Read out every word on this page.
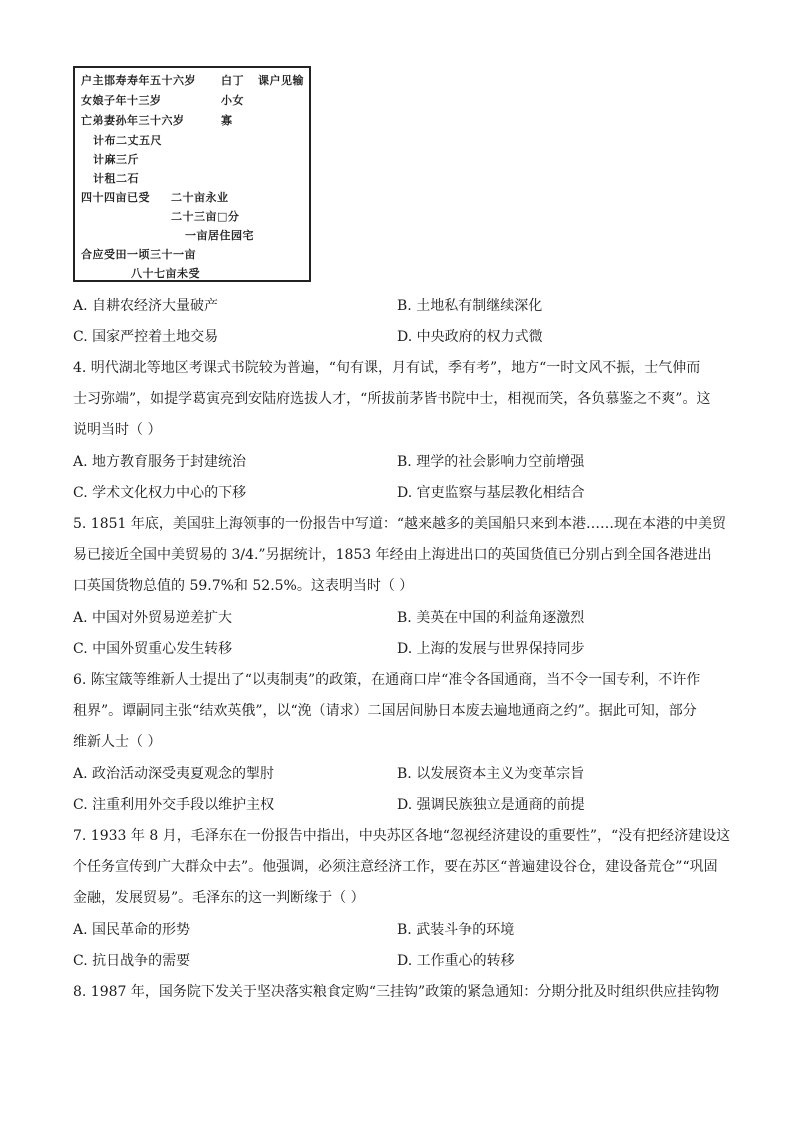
户主邯寿寿年五十六岁 白丁 课户见输
女娘子年十三岁	小女
亡弟妻孙年三十六岁	寡
计布二丈五尺
计麻三斤
计租二石
四十四亩已受 二十亩永业
二十三亩□分
一亩居住园宅
合应受田一顷三十一亩
八十七亩未受
A. 自耕农经济大量破产	B. 土地私有制继续深化
C. 国家严控着土地交易	D. 中央政府的权力式微
4. 明代湖北等地区考课式书院较为普遍，“旬有课，月有试，季有考”，地方“一时文风不振，士气伸而
士习弥端”，如提学葛寅亮到安陆府选拔人才，“所拔前茅皆书院中士，相视而笑，各负慕鉴之不爽”。这
说明当时（ ）
A. 地方教育服务于封建统治	B. 理学的社会影响力空前增强
C. 学术文化权力中心的下移	D. 官吏监察与基层教化相结合
5. 1851 年底，美国驻上海领事的一份报告中写道：“越来越多的美国船只来到本港……现在本港的中美贸
易已接近全国中美贸易的 3/4.”另据统计，1853 年经由上海进出口的英国货值已分别占到全国各港进出
口英国货物总值的 59.7%和 52.5%。这表明当时（ ）
A. 中国对外贸易逆差扩大	B. 美英在中国的利益角逐激烈
C. 中国外贸重心发生转移	D. 上海的发展与世界保持同步
6. 陈宝箴等维新人士提出了“以夷制夷”的政策，在通商口岸“准令各国通商，当不令一国专利，不许作
租界”。谭嗣同主张“结欢英俄”，以“浼（请求）二国居间胁日本废去遍地通商之约”。据此可知，部分
维新人士（ ）
A. 政治活动深受夷夏观念的掣肘	B. 以发展资本主义为变革宗旨
C. 注重利用外交手段以维护主权	D. 强调民族独立是通商的前提
7. 1933 年 8 月，毛泽东在一份报告中指出，中央苏区各地“忽视经济建设的重要性”，“没有把经济建设这
个任务宣传到广大群众中去”。他强调，必须注意经济工作，要在苏区“普遍建设谷仓，建设备荒仓”“巩固
金融，发展贸易”。毛泽东的这一判断缘于（ ）
A. 国民革命的形势	B. 武装斗争的环境
C. 抗日战争的需要	D. 工作重心的转移
8. 1987 年，国务院下发关于坚决落实粮食定购“三挂钩”政策的紧急通知：分期分批及时组织供应挂钩物
